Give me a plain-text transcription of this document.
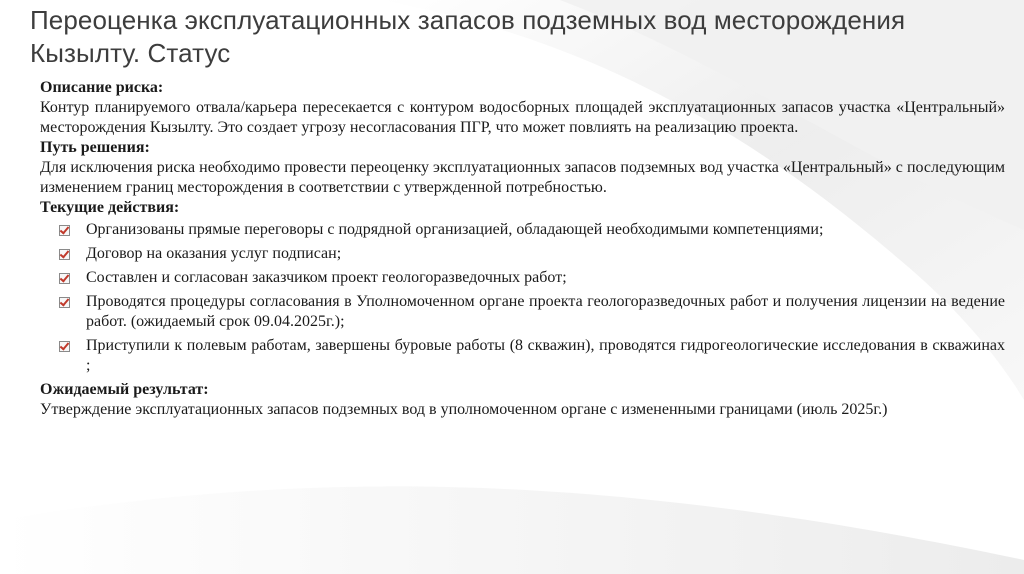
Переоценка эксплуатационных запасов подземных вод месторождения Кызылту. Статус

Описание риска:

Контур планируемого отвала/карьера пересекается с контуром водосборных площадей эксплуатационных запасов участка «Центральный» месторождения Кызылту. Это создает угрозу несогласования ПГР, что может повлиять на реализацию проекта.

Путь решения:

Для исключения риска необходимо провести переоценку эксплуатационных запасов подземных вод участка «Центральный» с последующим изменением границ месторождения в соответствии с утвержденной потребностью.

Текущие действия:

Организованы прямые переговоры с подрядной организацией, обладающей необходимыми компетенциями;
Договор на оказания услуг подписан;
Составлен и согласован заказчиком проект геологоразведочных работ;
Проводятся процедуры согласования в Уполномоченном органе проекта геологоразведочных работ и получения лицензии на ведение работ. (ожидаемый срок 09.04.2025г.);
Приступили к полевым работам, завершены буровые работы (8 скважин), проводятся гидрогеологические исследования в скважинах ;

Ожидаемый результат:

Утверждение эксплуатационных запасов подземных вод в уполномоченном органе с измененными границами (июль 2025г.)
